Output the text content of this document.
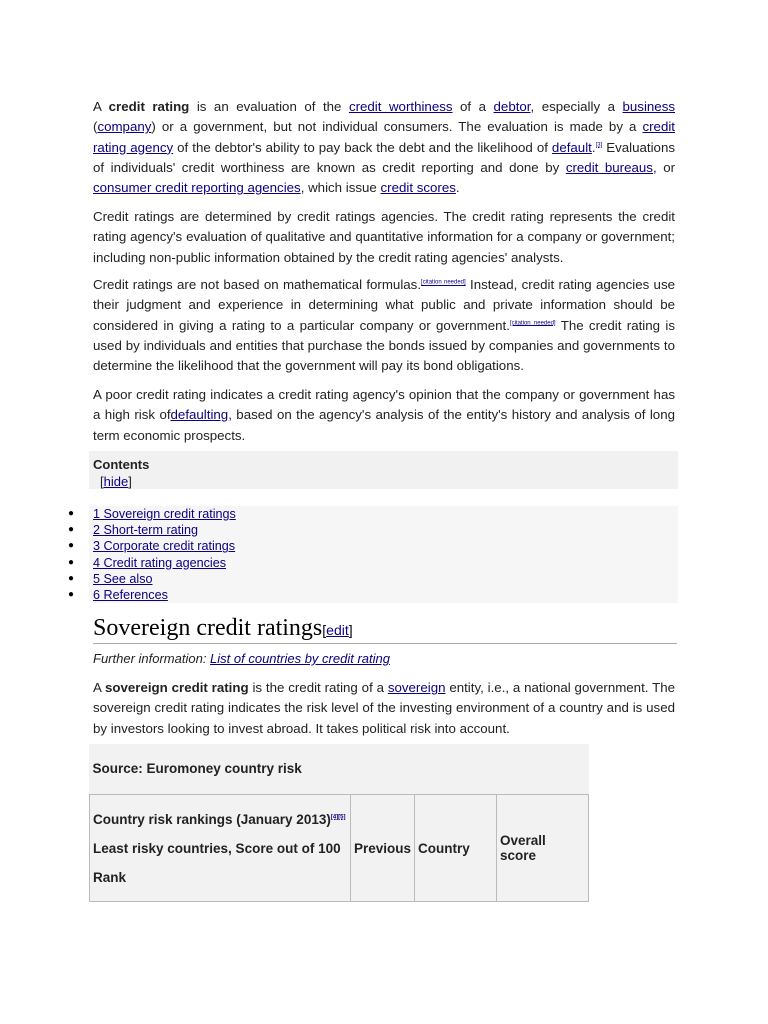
A credit rating is an evaluation of the credit worthiness of a debtor, especially a business (company) or a government, but not individual consumers. The evaluation is made by a credit rating agency of the debtor's ability to pay back the debt and the likelihood of default.[3] Evaluations of individuals' credit worthiness are known as credit reporting and done by credit bureaus, or consumer credit reporting agencies, which issue credit scores.

Credit ratings are determined by credit ratings agencies. The credit rating represents the credit rating agency's evaluation of qualitative and quantitative information for a company or government; including non-public information obtained by the credit rating agencies' analysts.

Credit ratings are not based on mathematical formulas.[citation needed] Instead, credit rating agencies use their judgment and experience in determining what public and private information should be considered in giving a rating to a particular company or government.[citation needed] The credit rating is used by individuals and entities that purchase the bonds issued by companies and governments to determine the likelihood that the government will pay its bond obligations.

A poor credit rating indicates a credit rating agency's opinion that the company or government has a high risk ofdefaulting, based on the agency's analysis of the entity's history and analysis of long term economic prospects.

Contents
[hide]
● 1 Sovereign credit ratings
● 2 Short-term rating
● 3 Corporate credit ratings
● 4 Credit rating agencies
● 5 See also
● 6 References
Sovereign credit ratings[edit]
Further information: List of countries by credit rating

A sovereign credit rating is the credit rating of a sovereign entity, i.e., a national government. The sovereign credit rating indicates the risk level of the investing environment of a country and is used by investors looking to invest abroad. It takes political risk into account.

Source: Euromoney country risk

Country risk rankings (January 2013)[4][5]
Least risky countries, Score out of 100
Rank
	Previous	Country	Overall score
